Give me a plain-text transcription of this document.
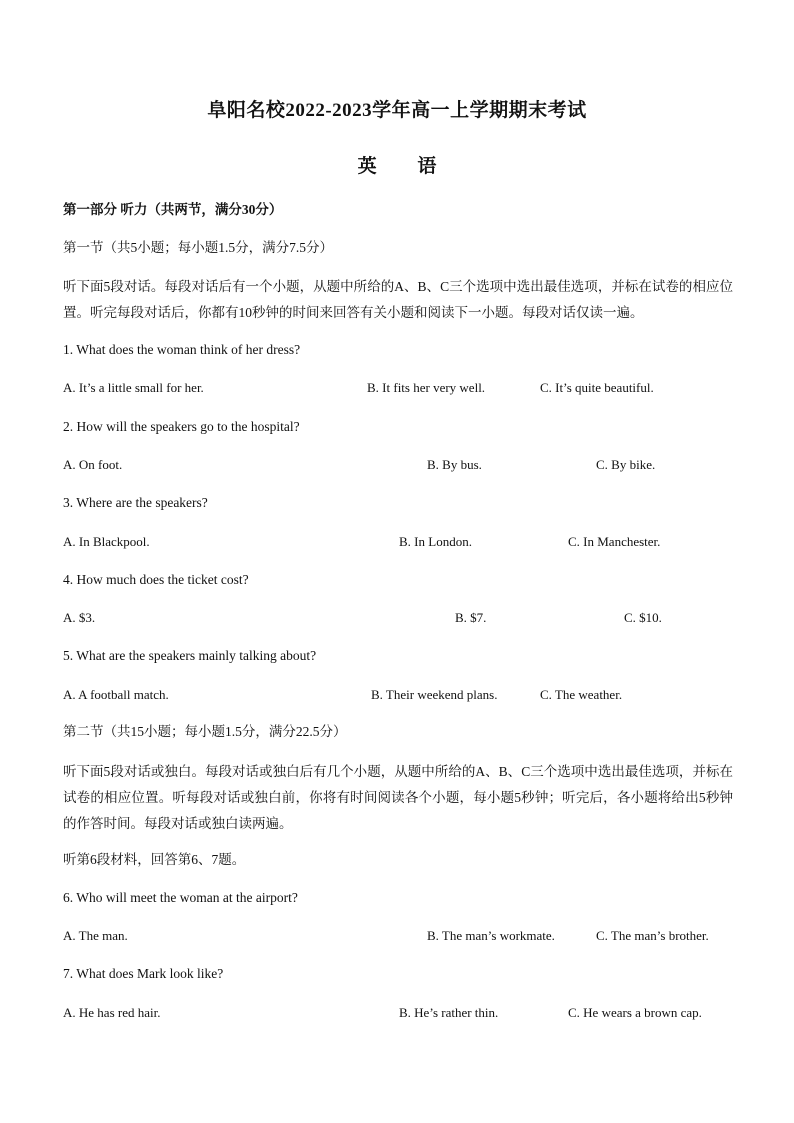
阜阳名校2022-2023学年高一上学期期末考试
英 语
第一部分 听力（共两节，满分30分）
第一节（共5小题；每小题1.5分，满分7.5分）
听下面5段对话。每段对话后有一个小题，从题中所给的A、B、C三个选项中选出最佳选项，并标在试卷的相应位置。听完每段对话后，你都有10秒钟的时间来回答有关小题和阅读下一小题。每段对话仅读一遍。
1. What does the woman think of her dress?
A. It’s a little small for her.	B. It fits her very well.	C. It’s quite beautiful.
2. How will the speakers go to the hospital?
A. On foot.	B. By bus.	C. By bike.
3. Where are the speakers?
A. In Blackpool.	B. In London.	C. In Manchester.
4. How much does the ticket cost?
A. $3.	B. $7.	C. $10.
5. What are the speakers mainly talking about?
A. A football match.	B. Their weekend plans.	C. The weather.
第二节（共15小题；每小题1.5分，满分22.5分）
听下面5段对话或独白。每段对话或独白后有几个小题，从题中所给的A、B、C三个选项中选出最佳选项，并标在试卷的相应位置。听每段对话或独白前，你将有时间阅读各个小题，每小题5秒钟；听完后，各小题将给出5秒钟的作答时间。每段对话或独白读两遍。
听第6段材料，回答第6、7题。
6. Who will meet the woman at the airport?
A. The man.	B. The man’s workmate.	C. The man’s brother.
7. What does Mark look like?
A. He has red hair.	B. He’s rather thin.	C. He wears a brown cap.
